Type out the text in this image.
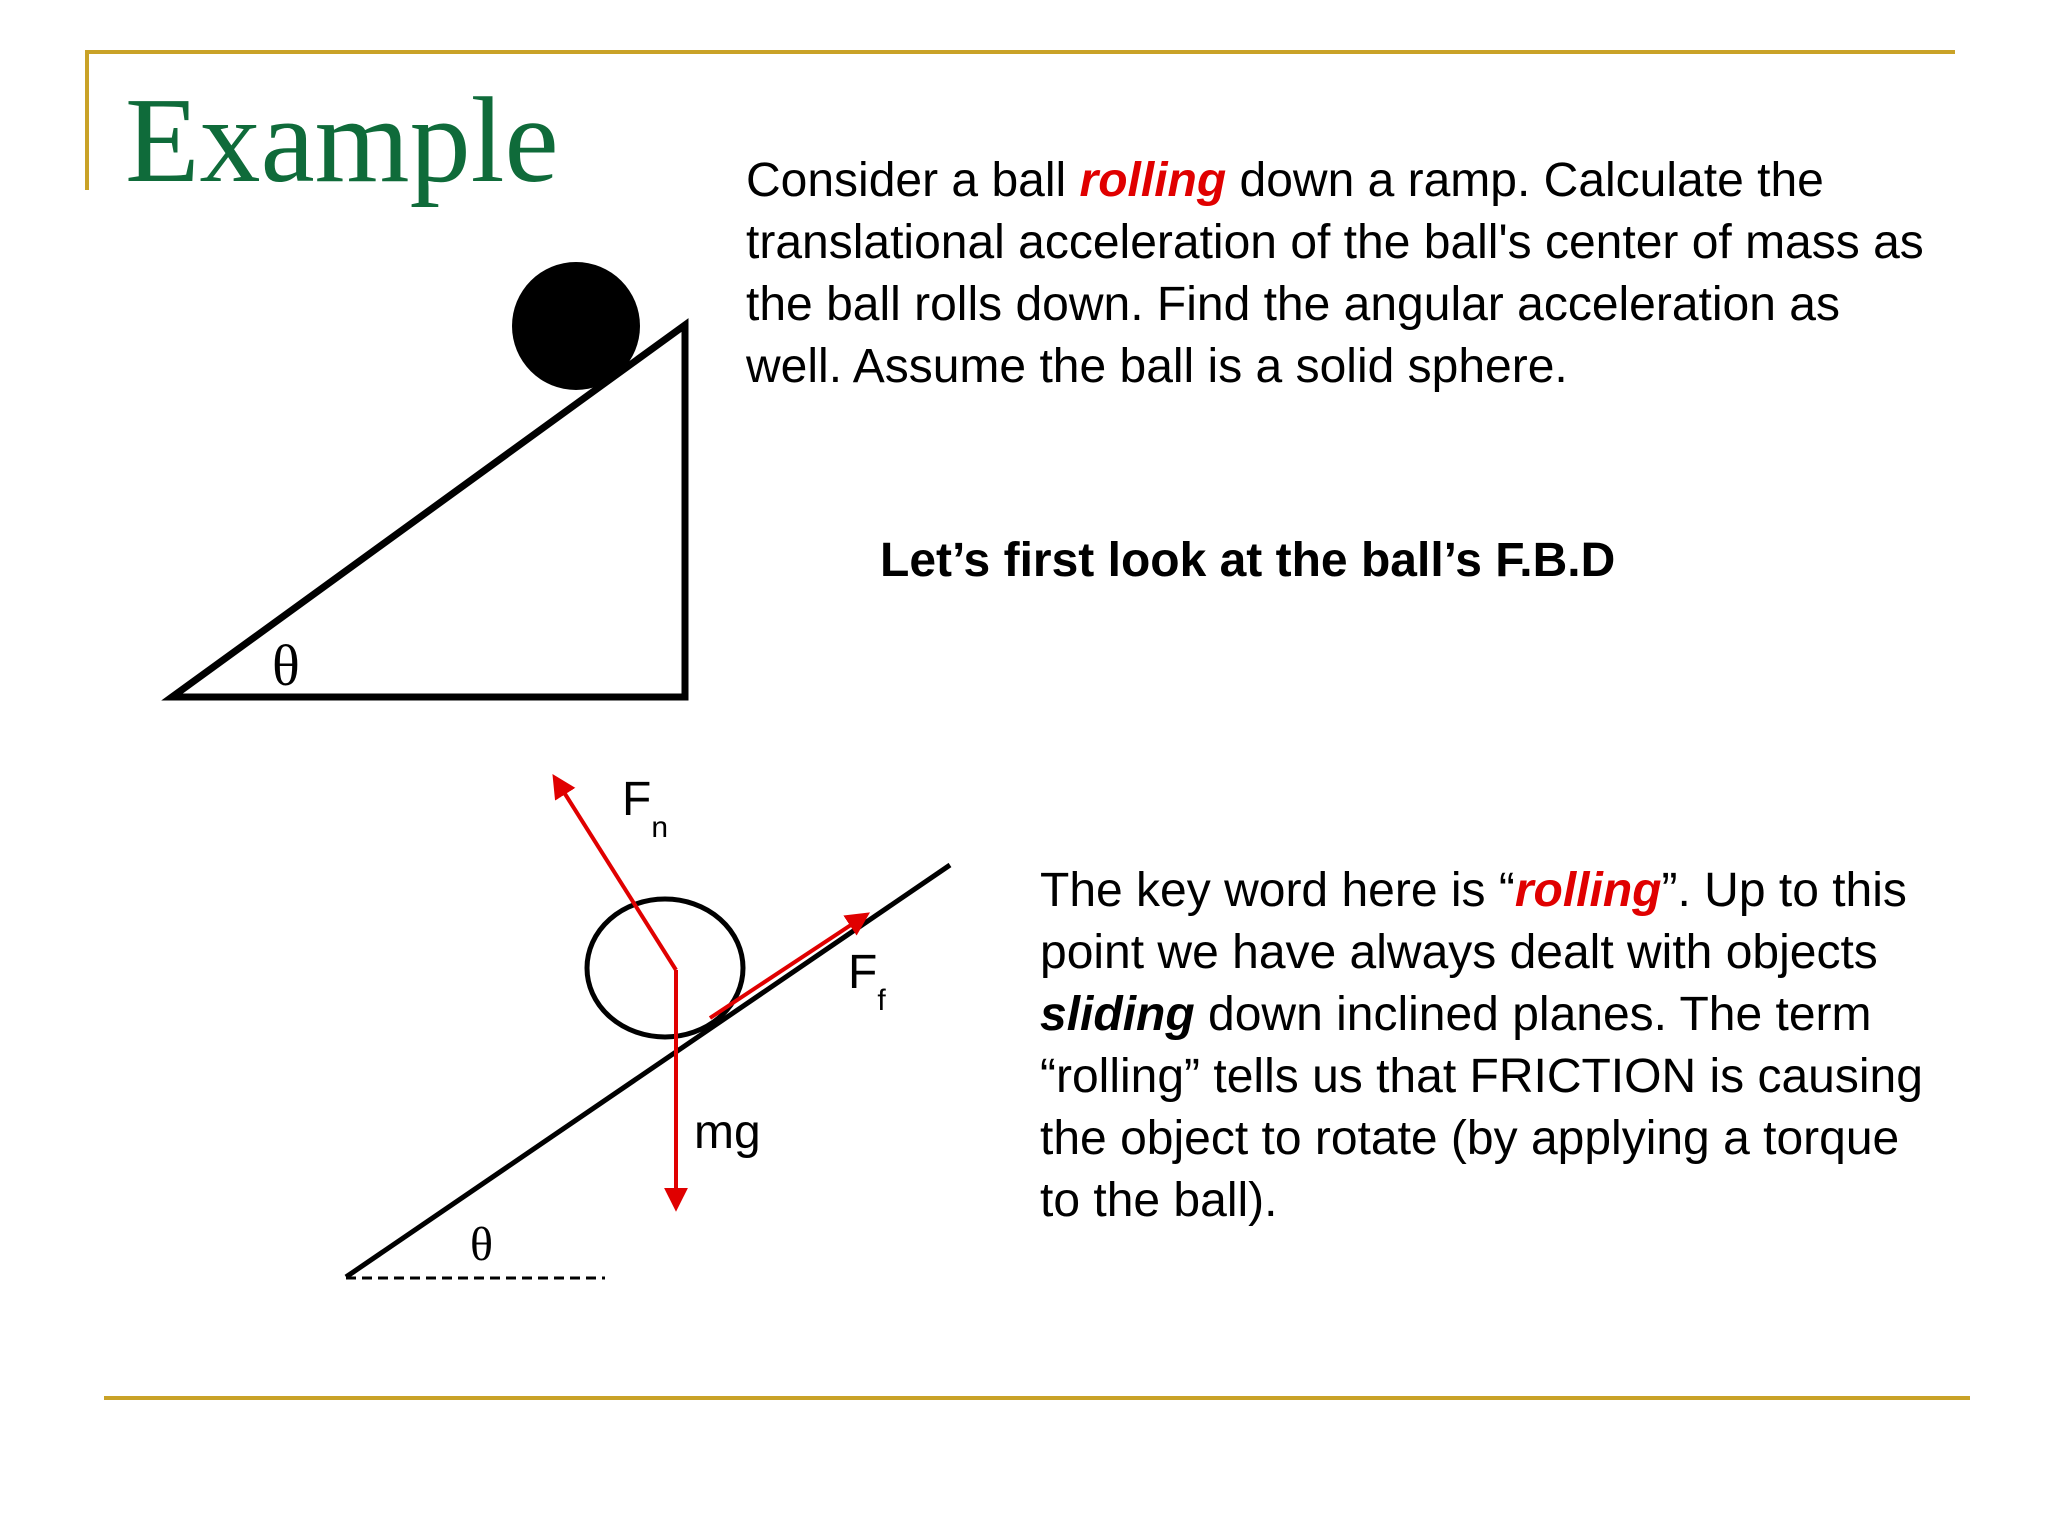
Example	Consider a ball rolling down a ramp. Calculate the translational acceleration of the ball's center of mass as the ball rolls down. Find the angular acceleration as well. Assume the ball is a solid sphere.
Let’s first look at the ball’s F.B.D
The key word here is “rolling”. Up to this point we have always dealt with objects sliding down inclined planes. The term “rolling” tells us that FRICTION is causing the object to rotate (by applying a torque to the ball).
θ
$F_n$
$F_f$
mg
θ
